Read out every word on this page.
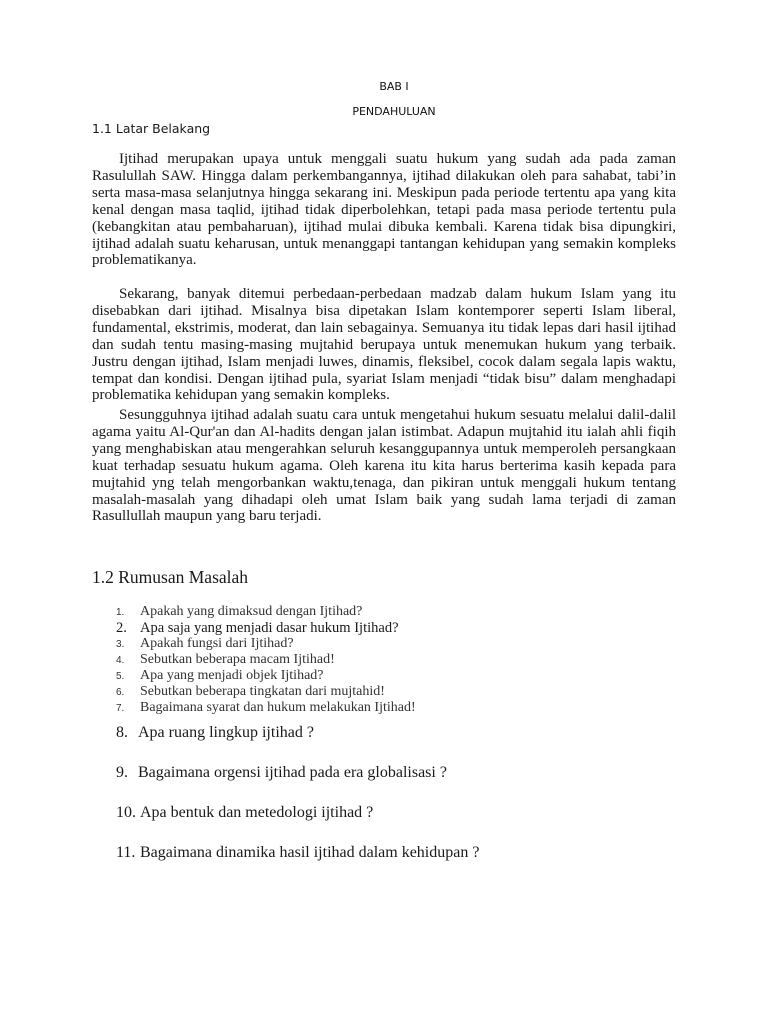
BAB I
PENDAHULUAN
1.1 Latar Belakang

Ijtihad merupakan upaya untuk menggali suatu hukum yang sudah ada pada zaman Rasulullah SAW. Hingga dalam perkembangannya, ijtihad dilakukan oleh para sahabat, tabi’in serta masa-masa selanjutnya hingga sekarang ini. Meskipun pada periode tertentu apa yang kita kenal dengan masa taqlid, ijtihad tidak diperbolehkan, tetapi pada masa periode tertentu pula (kebangkitan atau pembaharuan), ijtihad mulai dibuka kembali. Karena tidak bisa dipungkiri, ijtihad adalah suatu keharusan, untuk menanggapi tantangan kehidupan yang semakin kompleks problematikanya.

Sekarang, banyak ditemui perbedaan-perbedaan madzab dalam hukum Islam yang itu disebabkan dari ijtihad. Misalnya bisa dipetakan Islam kontemporer seperti Islam liberal, fundamental, ekstrimis, moderat, dan lain sebagainya. Semuanya itu tidak lepas dari hasil ijtihad dan sudah tentu masing-masing mujtahid berupaya untuk menemukan hukum yang terbaik. Justru dengan ijtihad, Islam menjadi luwes, dinamis, fleksibel, cocok dalam segala lapis waktu, tempat dan kondisi. Dengan ijtihad pula, syariat Islam menjadi “tidak bisu” dalam menghadapi problematika kehidupan yang semakin kompleks.

Sesungguhnya ijtihad adalah suatu cara untuk mengetahui hukum sesuatu melalui dalil-dalil agama yaitu Al-Qur'an dan Al-hadits dengan jalan istimbat. Adapun mujtahid itu ialah ahli fiqih yang menghabiskan atau mengerahkan seluruh kesanggupannya untuk memperoleh persangkaan kuat terhadap sesuatu hukum agama. Oleh karena itu kita harus berterima kasih kepada para mujtahid yng telah mengorbankan waktu,tenaga, dan pikiran untuk menggali hukum tentang masalah-masalah yang dihadapi oleh umat Islam baik yang sudah lama terjadi di zaman Rasullullah maupun yang baru terjadi.

1.2 Rumusan Masalah
1.	Apakah yang dimaksud dengan Ijtihad?
2. Apa saja yang menjadi dasar hukum Ijtihad?
3.	Apakah fungsi dari Ijtihad?
4.	Sebutkan beberapa macam Ijtihad!
5.	Apa yang menjadi objek Ijtihad?
6.	Sebutkan beberapa tingkatan dari mujtahid!
7.	Bagaimana syarat dan hukum melakukan Ijtihad!
8. Apa ruang lingkup ijtihad ?
9. Bagaimana orgensi ijtihad pada era globalisasi ?
10. Apa bentuk dan metedologi ijtihad ?
11. Bagaimana dinamika hasil ijtihad dalam kehidupan ?
